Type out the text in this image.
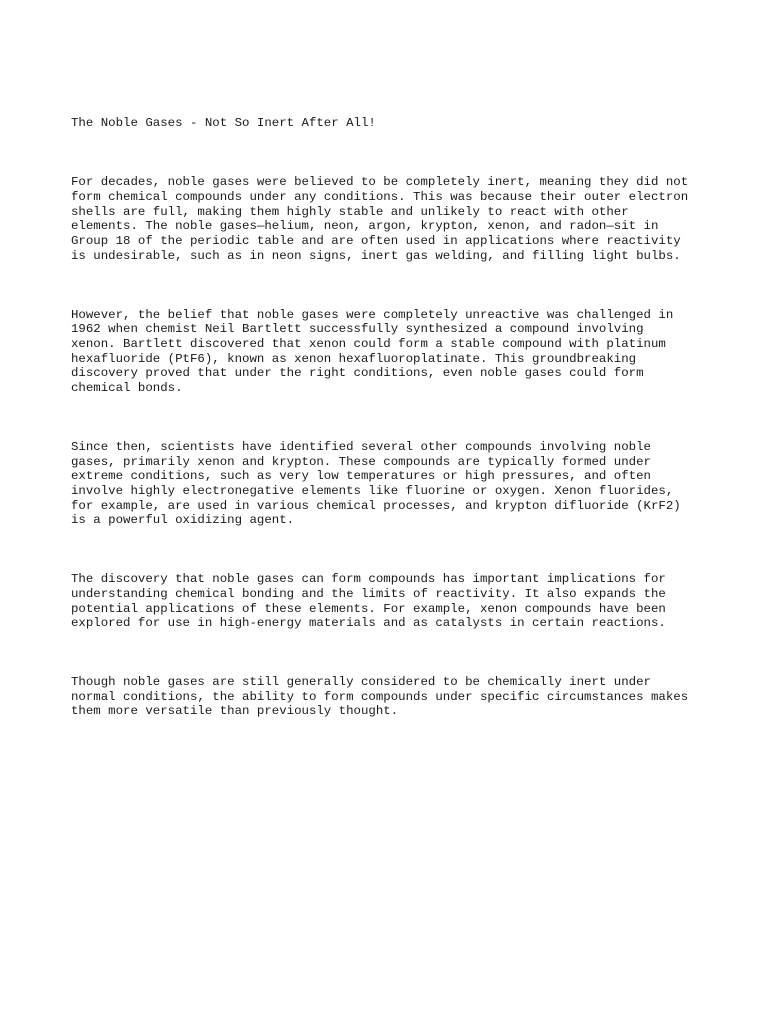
The Noble Gases - Not So Inert After All!

For decades, noble gases were believed to be completely inert, meaning they did not
form chemical compounds under any conditions. This was because their outer electron
shells are full, making them highly stable and unlikely to react with other
elements. The noble gases—helium, neon, argon, krypton, xenon, and radon—sit in
Group 18 of the periodic table and are often used in applications where reactivity
is undesirable, such as in neon signs, inert gas welding, and filling light bulbs.

However, the belief that noble gases were completely unreactive was challenged in
1962 when chemist Neil Bartlett successfully synthesized a compound involving
xenon. Bartlett discovered that xenon could form a stable compound with platinum
hexafluoride (PtF6), known as xenon hexafluoroplatinate. This groundbreaking
discovery proved that under the right conditions, even noble gases could form
chemical bonds.

Since then, scientists have identified several other compounds involving noble
gases, primarily xenon and krypton. These compounds are typically formed under
extreme conditions, such as very low temperatures or high pressures, and often
involve highly electronegative elements like fluorine or oxygen. Xenon fluorides,
for example, are used in various chemical processes, and krypton difluoride (KrF2)
is a powerful oxidizing agent.

The discovery that noble gases can form compounds has important implications for
understanding chemical bonding and the limits of reactivity. It also expands the
potential applications of these elements. For example, xenon compounds have been
explored for use in high-energy materials and as catalysts in certain reactions.

Though noble gases are still generally considered to be chemically inert under
normal conditions, the ability to form compounds under specific circumstances makes
them more versatile than previously thought.
